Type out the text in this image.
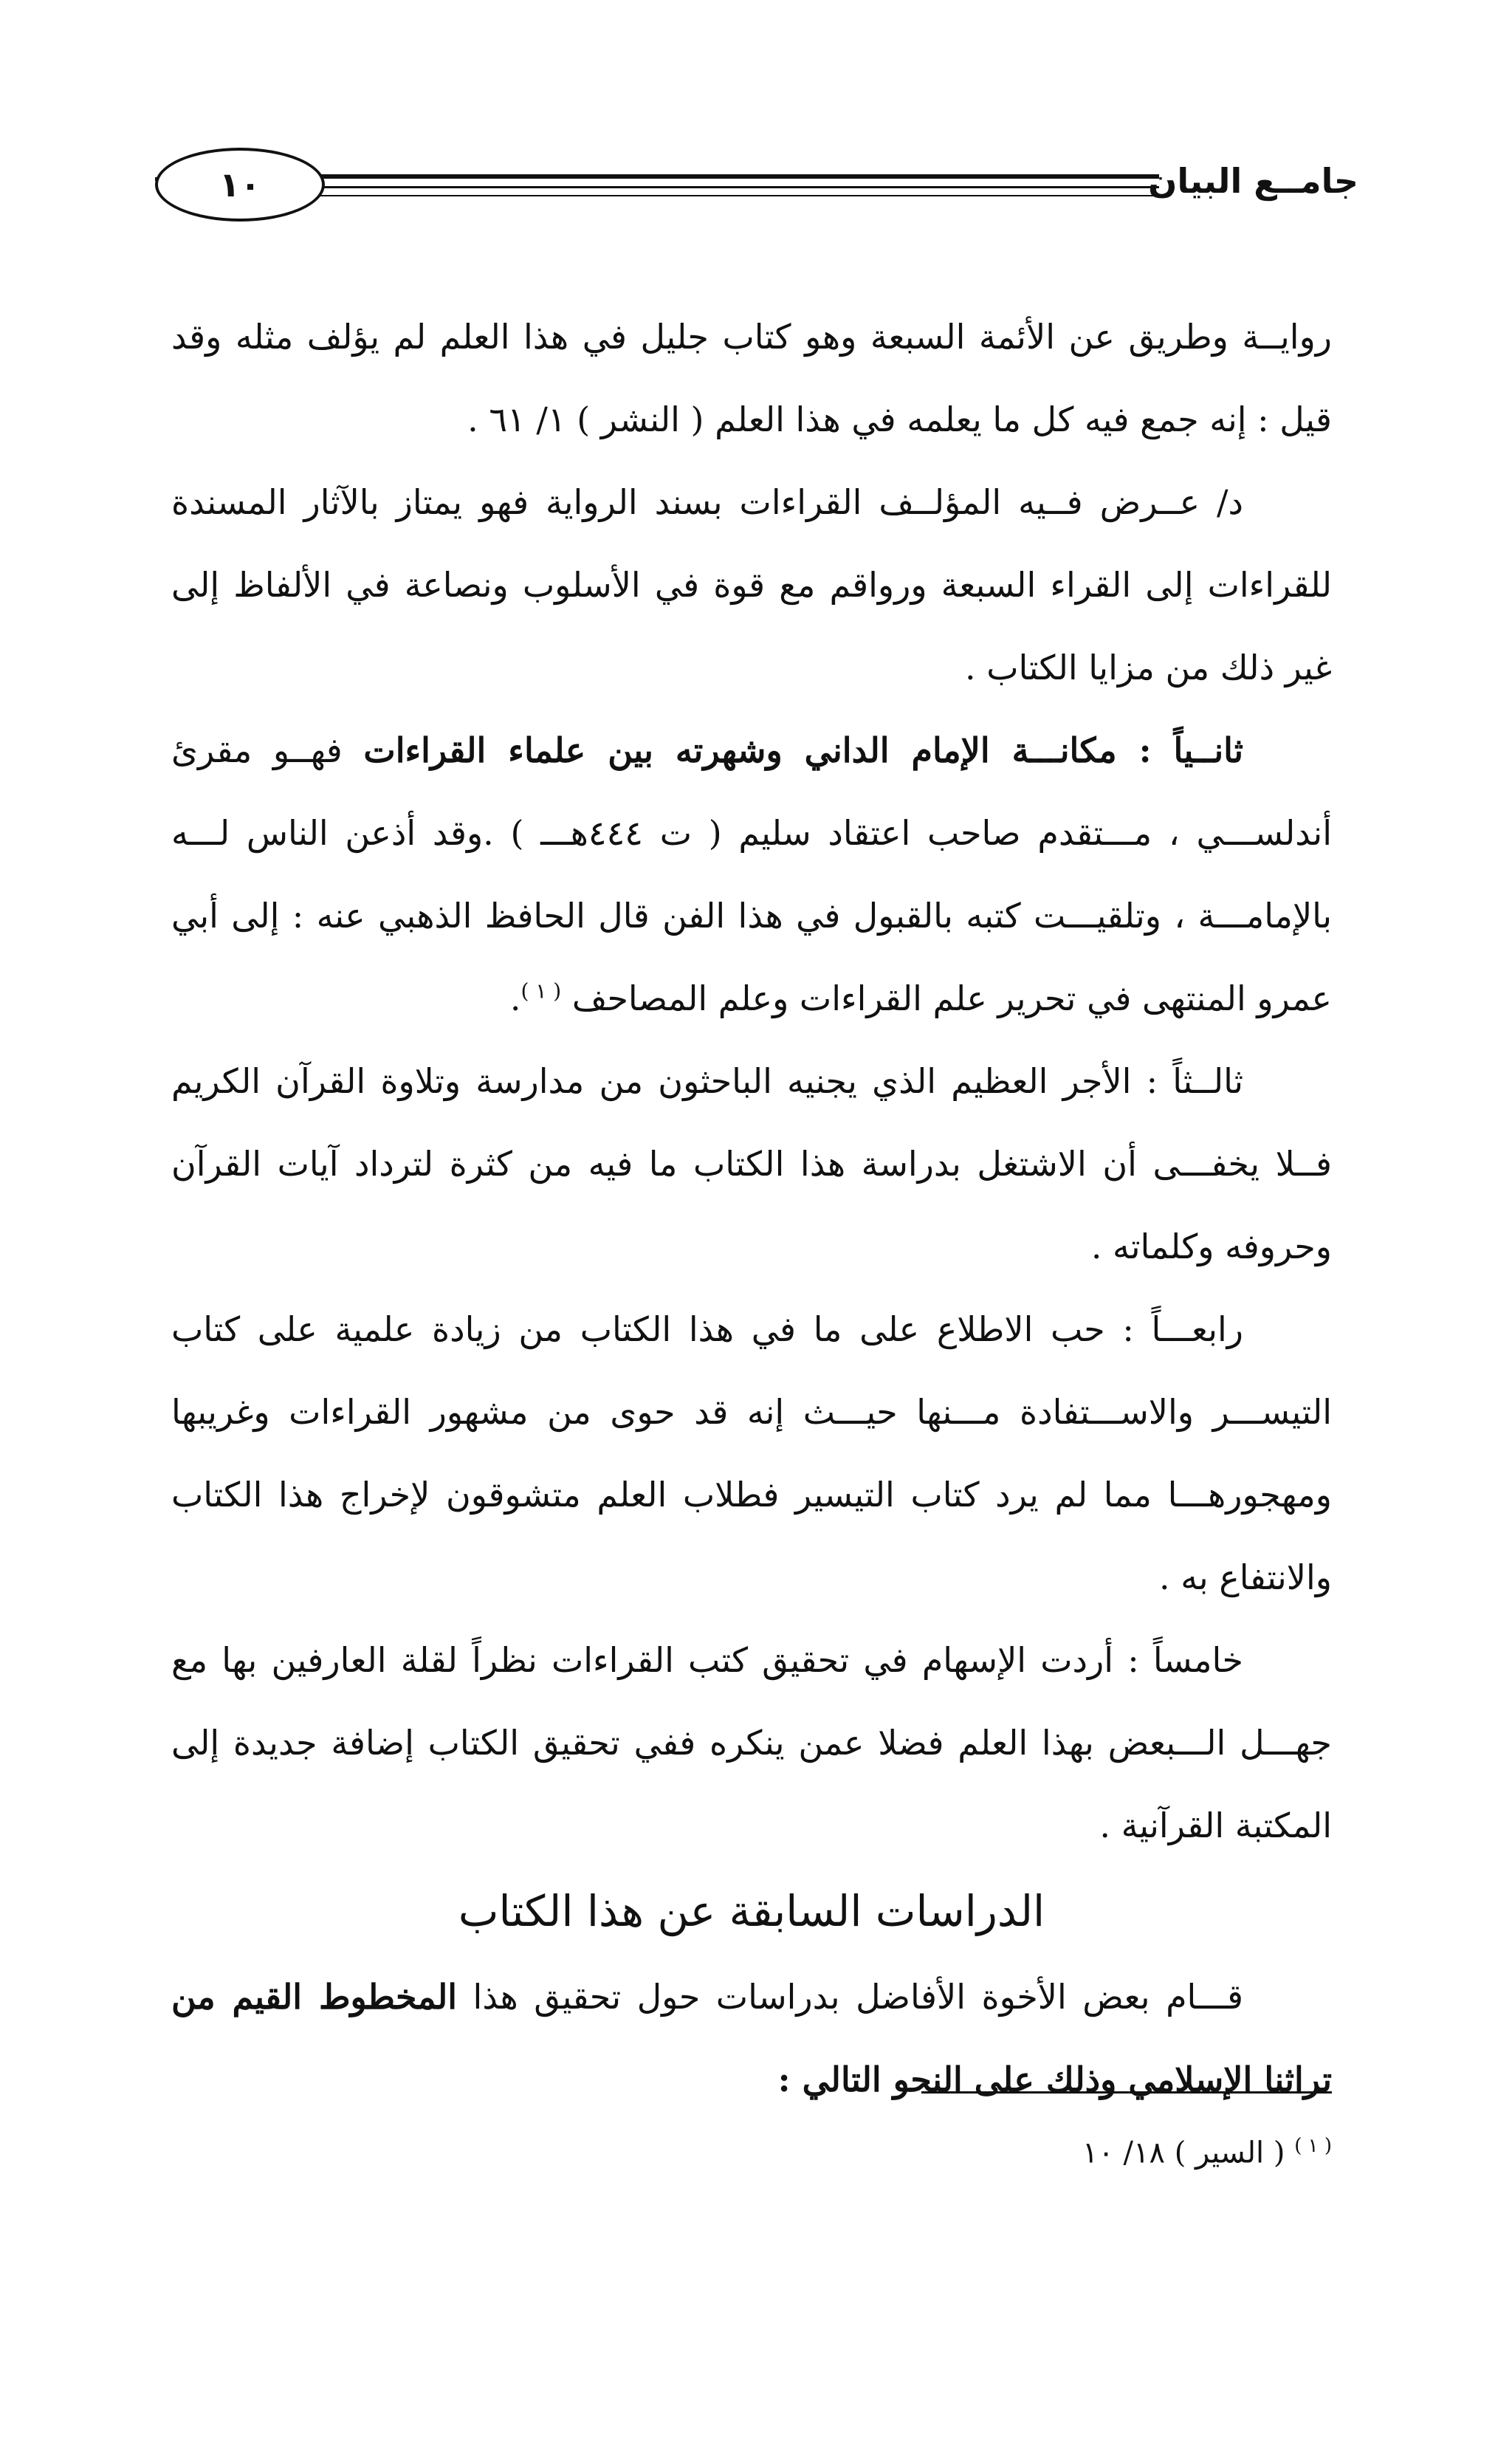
١٠	جامــع البيان

روايــة وطريق عن الأئمة السبعة وهو كتاب جليل في هذا العلم لم يؤلف مثله وقد قيل : إنه جمع فيه كل ما يعلمه في هذا العلم ( النشر ) ١/ ٦١ .

د/ عــرض فــيه المؤلــف القراءات بسند الرواية فهو يمتاز بالآثار المسندة للقراءات إلى القراء السبعة ورواقم مع قوة في الأسلوب ونصاعة في الألفاظ إلى غير ذلك من مزايا الكتاب .

ثانــياً : مكانـــة الإمام الداني وشهرته بين علماء القراءات فهــو مقرئ أندلســـي ، مـــتقدم صاحب اعتقاد سليم ( ت ٤٤٤هـــ ) .وقد أذعن الناس لـــه بالإمامـــة ، وتلقيـــت كتبه بالقبول في هذا الفن قال الحافظ الذهبي عنه : إلى أبي عمرو المنتهى في تحرير علم القراءات وعلم المصاحف $^{( ١ )}$.

ثالــثاً : الأجر العظيم الذي يجنيه الباحثون من مدارسة وتلاوة القرآن الكريم فــلا يخفـــى أن الاشتغل بدراسة هذا الكتاب ما فيه من كثرة لترداد آيات القرآن وحروفه وكلماته .

رابعـــاً : حب الاطلاع على ما في هذا الكتاب من زيادة علمية على كتاب التيســـر والاســـتفادة مـــنها حيـــث إنه قد حوى من مشهور القراءات وغريبها ومهجورهـــا مما لم يرد كتاب التيسير فطلاب العلم متشوقون لإخراج هذا الكتاب والانتفاع به .

خامساً : أردت الإسهام في تحقيق كتب القراءات نظراً لقلة العارفين بها مع جهـــل الـــبعض بهذا العلم فضلا عمن ينكره ففي تحقيق الكتاب إضافة جديدة إلى المكتبة القرآنية .

الدراسات السابقة عن هذا الكتاب

قـــام بعض الأخوة الأفاضل بدراسات حول تحقيق هذا المخطوط القيم من تراثنا الإسلامي وذلك على النحو التالي :

$^{( ١ )}$ ( السير ) ١٨/ ١٠
